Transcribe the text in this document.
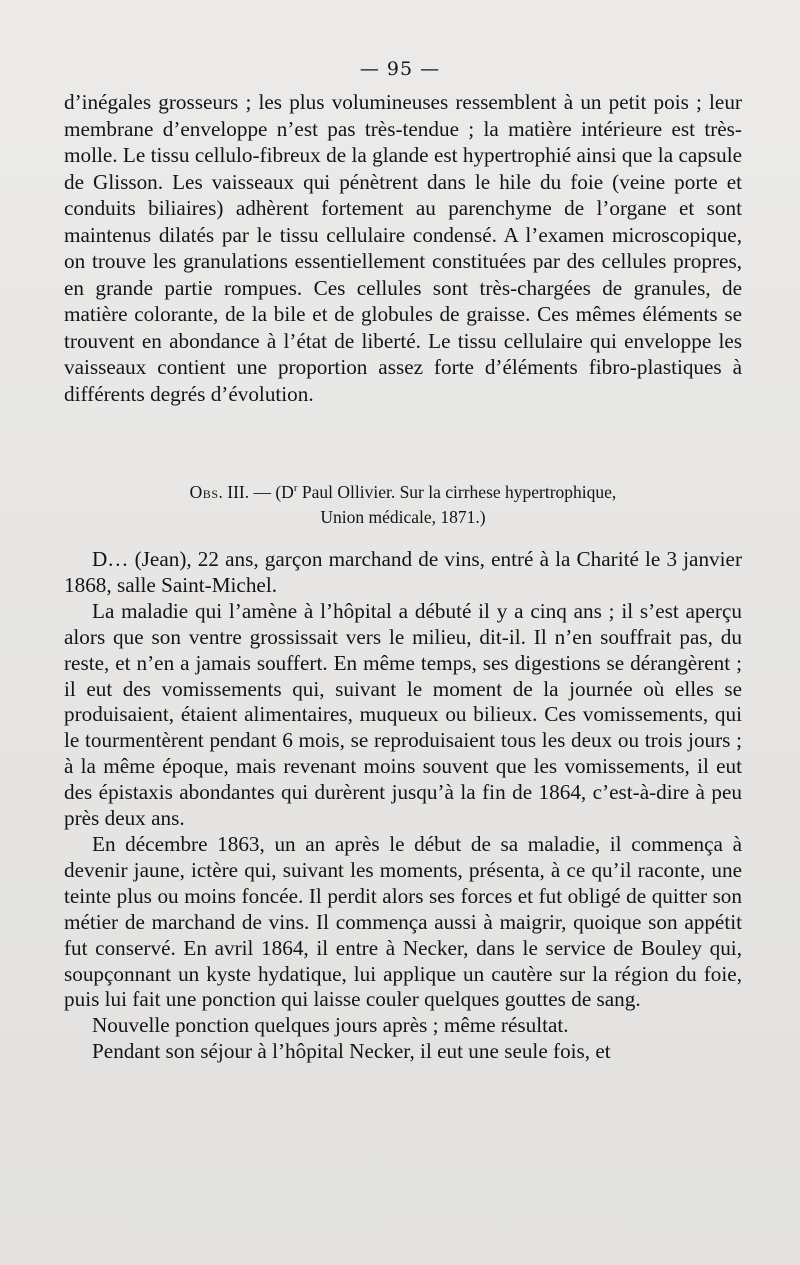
— 95 —
d’inégales grosseurs ; les plus volumineuses ressemblent à un petit pois ; leur membrane d’enveloppe n’est pas très-tendue ; la matière intérieure est très-molle. Le tissu cellulo-fibreux de la glande est hypertrophié ainsi que la capsule de Glisson. Les vaisseaux qui pénètrent dans le hile du foie (veine porte et conduits biliaires) adhèrent fortement au parenchyme de l’organe et sont maintenus dilatés par le tissu cellulaire condensé. A l’examen microscopique, on trouve les granulations essentiellement constituées par des cellules propres, en grande partie rompues. Ces cellules sont très-chargées de granules, de matière colorante, de la bile et de globules de graisse. Ces mêmes éléments se trouvent en abondance à l’état de liberté. Le tissu cellulaire qui enveloppe les vaisseaux contient une proportion assez forte d’éléments fibro-plastiques à différents degrés d’évolution.
Obs. III. — ($D^r$ Paul Ollivier. Sur la cirrhese hypertrophique,
Union médicale, 1871.)

D… (Jean), 22 ans, garçon marchand de vins, entré à la Charité le 3 janvier 1868, salle Saint-Michel.

La maladie qui l’amène à l’hôpital a débuté il y a cinq ans ; il s’est aperçu alors que son ventre grossissait vers le milieu, dit-il. Il n’en souffrait pas, du reste, et n’en a jamais souffert. En même temps, ses digestions se dérangèrent ; il eut des vomissements qui, suivant le moment de la journée où elles se produisaient, étaient alimentaires, muqueux ou bilieux. Ces vomissements, qui le tourmentèrent pendant 6 mois, se reproduisaient tous les deux ou trois jours ; à la même époque, mais revenant moins souvent que les vomissements, il eut des épistaxis abondantes qui durèrent jusqu’à la fin de 1864, c’est-à-dire à peu près deux ans.

En décembre 1863, un an après le début de sa maladie, il commença à devenir jaune, ictère qui, suivant les moments, présenta, à ce qu’il raconte, une teinte plus ou moins foncée. Il perdit alors ses forces et fut obligé de quitter son métier de marchand de vins. Il commença aussi à maigrir, quoique son appétit fut conservé. En avril 1864, il entre à Necker, dans le service de Bouley qui, soupçonnant un kyste hydatique, lui applique un cautère sur la région du foie, puis lui fait une ponction qui laisse couler quelques gouttes de sang.

Nouvelle ponction quelques jours après ; même résultat.

Pendant son séjour à l’hôpital Necker, il eut une seule fois, et
